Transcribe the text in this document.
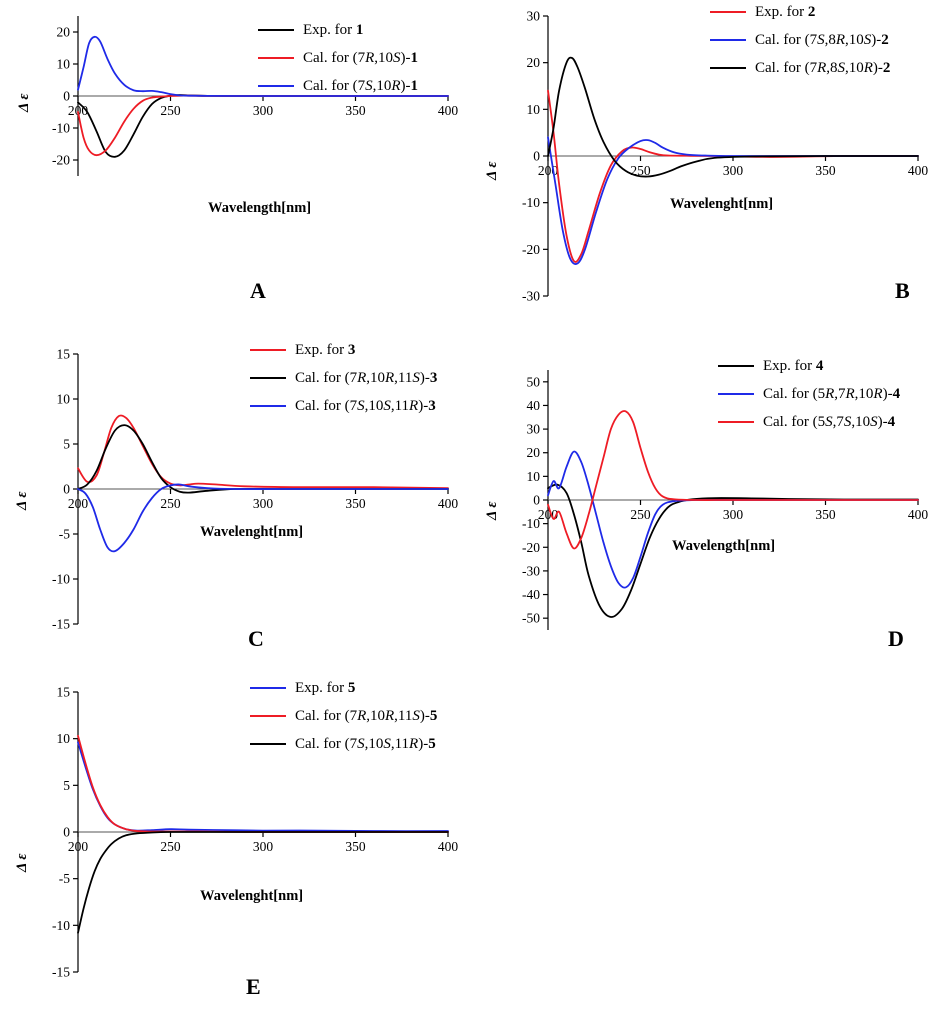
20
10
0
-10
-20
200	250	300	350	400
Exp. for 1
Cal. for (7R,10S)-1
Cal. for (7S,10R)-1
Wavelength[nm]
Δ ε
A
30
20
10
0
-10
-20
-30
200	250	300	350	400
Exp. for 2
Cal. for (7S,8R,10S)-2
Cal. for (7R,8S,10R)-2
Wavelenght[nm]
Δ ε
B
15
10
5
0
-5
-10
-15
200	250	300	350	400
Exp. for 3
Cal. for (7R,10R,11S)-3
Cal. for (7S,10S,11R)-3
Wavelenght[nm]
Δ ε
C
50
40
30
20
10
0
-10
-20
-30
-40
-50
200	250	300	350	400
Exp. for 4
Cal. for (5R,7R,10R)-4
Cal. for (5S,7S,10S)-4
Wavelength[nm]
Δ ε
D
15
10
5
0
-5
-10
-15
200	250	300	350	400
Exp. for 5
Cal. for (7R,10R,11S)-5
Cal. for (7S,10S,11R)-5
Wavelenght[nm]
Δ ε
E
